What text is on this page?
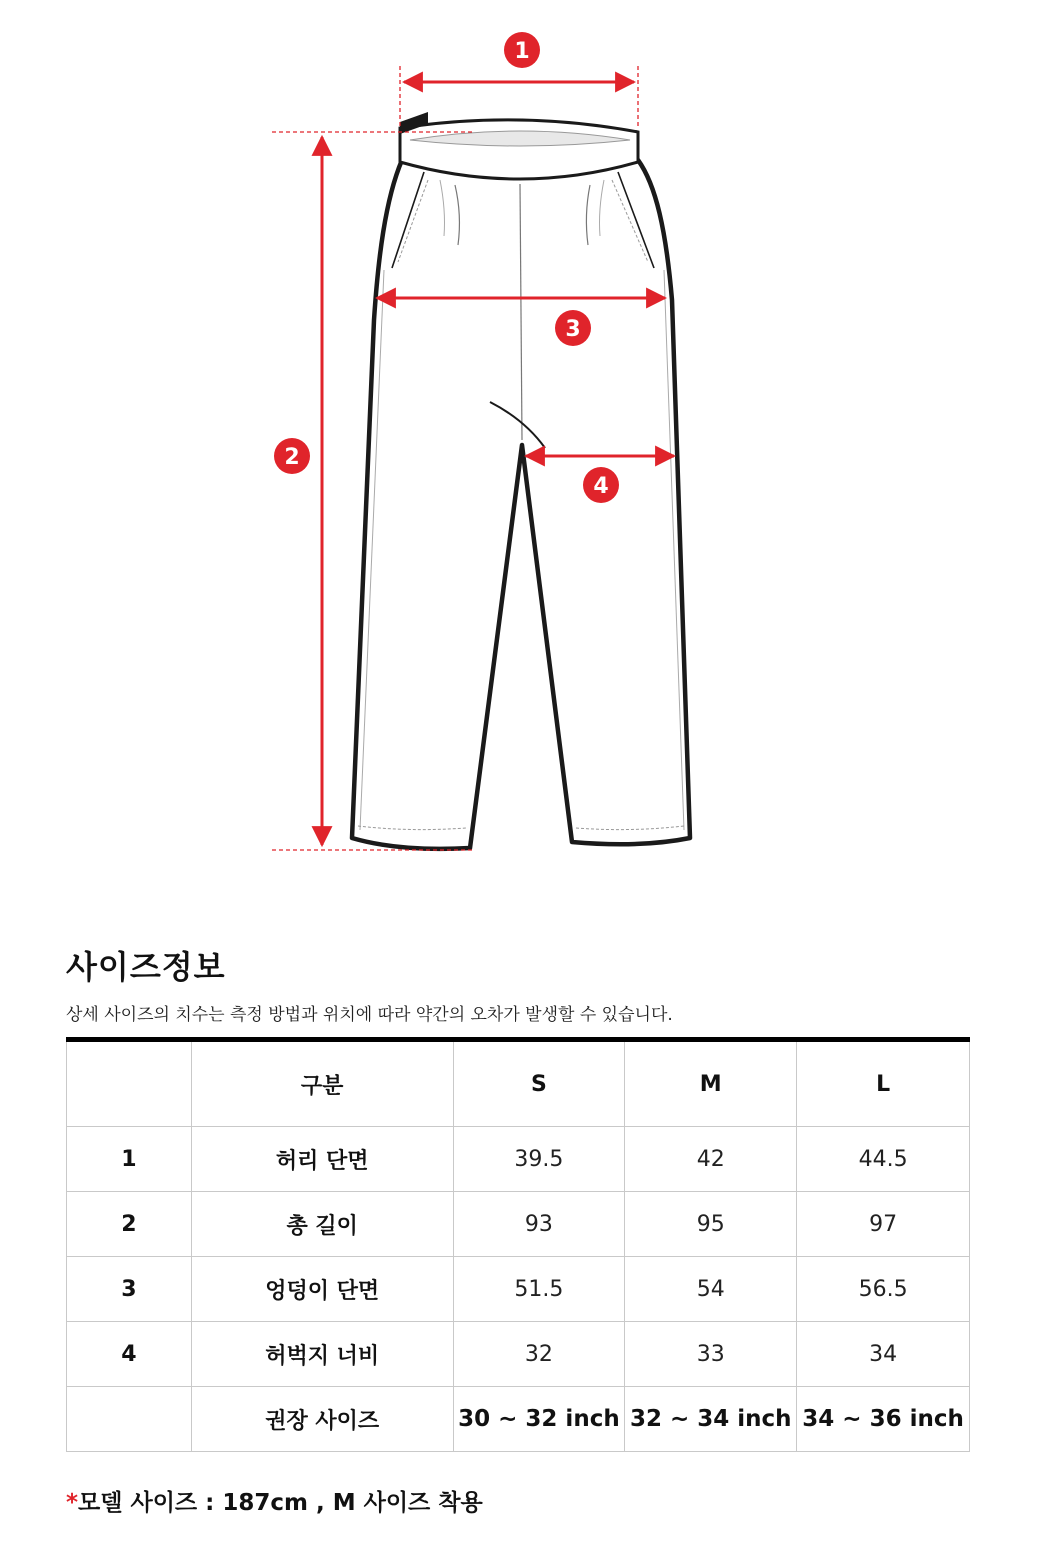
1
2
3
4
사이즈정보
상세 사이즈의 치수는 측정 방법과 위치에 따라 약간의 오차가 발생할 수 있습니다.
	구분	S	M	L
1	허리 단면	39.5	42	44.5
2	총 길이	93	95	97
3	엉덩이 단면	51.5	54	56.5
4	허벅지 너비	32	33	34
	권장 사이즈	30 ~ 32 inch	32 ~ 34 inch	34 ~ 36 inch
*모델 사이즈 : 187cm , M 사이즈 착용
